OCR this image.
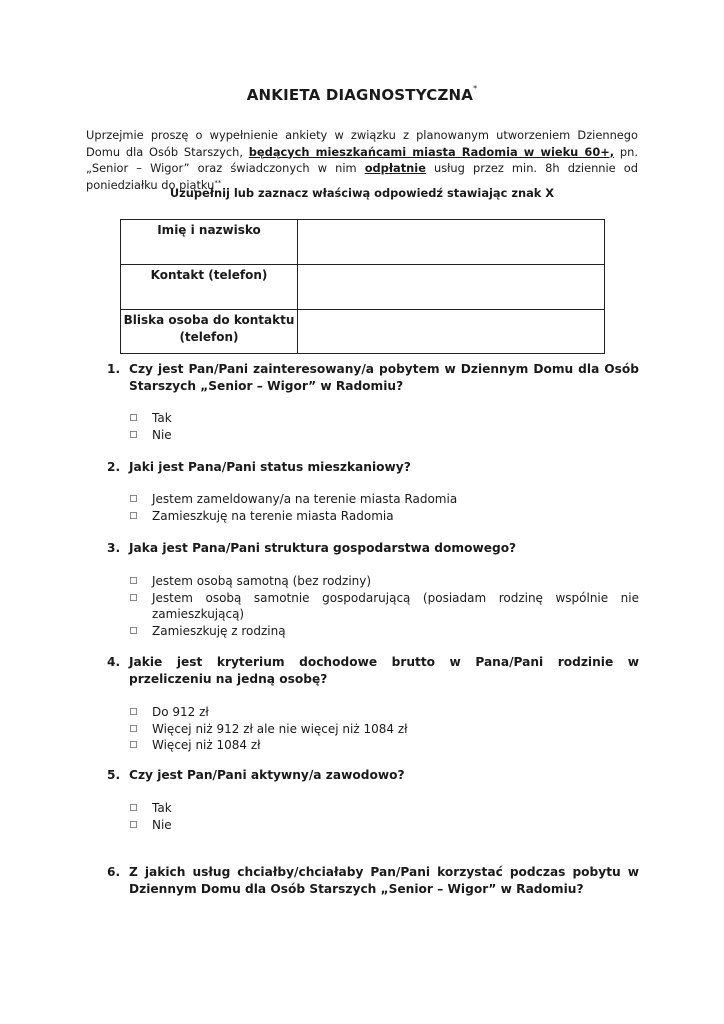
ANKIETA DIAGNOSTYCZNA*
Uprzejmie proszę o wypełnienie ankiety w związku z planowanym utworzeniem Dziennego Domu dla Osób Starszych, będących mieszkańcami miasta Radomia w wieku 60+, pn. „Senior – Wigor” oraz świadczonych w nim odpłatnie usług przez min. 8h dziennie od poniedziałku do piątku**
Uzupełnij lub zaznacz właściwą odpowiedź stawiając znak X
Imię i nazwisko	
Kontakt (telefon)	
Bliska osoba do kontaktu (telefon)	
1. Czy jest Pan/Pani zainteresowany/a pobytem w Dziennym Domu dla Osób Starszych „Senior – Wigor” w Radomiu?
Tak
Nie
2. Jaki jest Pana/Pani status mieszkaniowy?
Jestem zameldowany/a na terenie miasta Radomia
Zamieszkuję na terenie miasta Radomia
3. Jaka jest Pana/Pani struktura gospodarstwa domowego?
Jestem osobą samotną (bez rodziny)
Jestem osobą samotnie gospodarującą (posiadam rodzinę wspólnie nie zamieszkującą)
Zamieszkuję z rodziną
4. Jakie jest kryterium dochodowe brutto w Pana/Pani rodzinie w przeliczeniu na jedną osobę?
Do 912 zł
Więcej niż 912 zł ale nie więcej niż 1084 zł
Więcej niż 1084 zł
5. Czy jest Pan/Pani aktywny/a zawodowo?
Tak
Nie
6. Z jakich usług chciałby/chciałaby Pan/Pani korzystać podczas pobytu w Dziennym Domu dla Osób Starszych „Senior – Wigor” w Radomiu?
